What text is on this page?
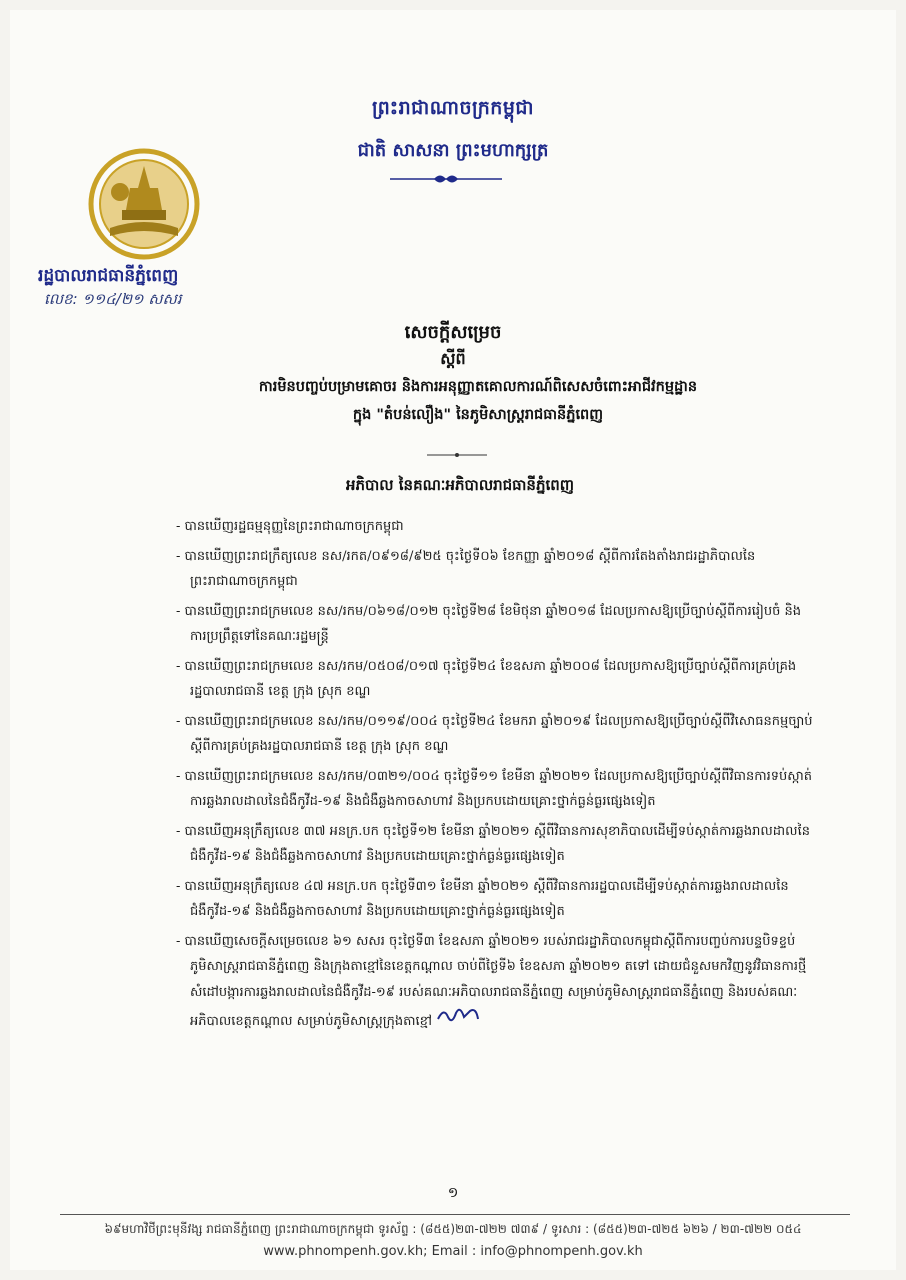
ព្រះរាជាណាចក្រកម្ពុជា
ជាតិ សាសនា ព្រះមហាក្សត្រ
រដ្ឋបាលរាជធានីភ្នំពេញ
លេខ: ១១៤/២១ សសរ
សេចក្ដីសម្រេច
ស្ដីពី
ការមិនបញ្ចប់បម្រាមគោចរ និងការអនុញ្ញាតគោលការណ៍ពិសេសចំពោះអាជីវកម្មដ្ឋាន
ក្នុង "តំបន់លឿង" នៃភូមិសាស្ត្ររាជធានីភ្នំពេញ
អភិបាល នៃគណៈអភិបាលរាជធានីភ្នំពេញ
- បានឃើញរដ្ឋធម្មនុញ្ញនៃព្រះរាជាណាចក្រកម្ពុជា
- បានឃើញព្រះរាជក្រឹត្យលេខ នស/រកត/០៩១៨/៩២៥ ចុះថ្ងៃទី០៦ ខែកញ្ញា ឆ្នាំ២០១៨ ស្ដីពីការតែងតាំងរាជរដ្ឋាភិបាលនៃព្រះរាជាណាចក្រកម្ពុជា
- បានឃើញព្រះរាជក្រមលេខ នស/រកម/០៦១៨/០១២ ចុះថ្ងៃទី២៨ ខែមិថុនា ឆ្នាំ២០១៨ ដែលប្រកាសឱ្យប្រើច្បាប់ស្ដីពីការរៀបចំ និងការប្រព្រឹត្តទៅនៃគណៈរដ្ឋមន្ត្រី
- បានឃើញព្រះរាជក្រមលេខ នស/រកម/០៥០៨/០១៧ ចុះថ្ងៃទី២៤ ខែឧសភា ឆ្នាំ២០០៨ ដែលប្រកាសឱ្យប្រើច្បាប់ស្ដីពីការគ្រប់គ្រងរដ្ឋបាលរាជធានី ខេត្ត ក្រុង ស្រុក ខណ្ឌ
- បានឃើញព្រះរាជក្រមលេខ នស/រកម/០១១៩/០០៤ ចុះថ្ងៃទី២៤ ខែមករា ឆ្នាំ២០១៩ ដែលប្រកាសឱ្យប្រើច្បាប់ស្ដីពីវិសោធនកម្មច្បាប់ស្ដីពីការគ្រប់គ្រងរដ្ឋបាលរាជធានី ខេត្ត ក្រុង ស្រុក ខណ្ឌ
- បានឃើញព្រះរាជក្រមលេខ នស/រកម/០៣២១/០០៤ ចុះថ្ងៃទី១១ ខែមីនា ឆ្នាំ២០២១ ដែលប្រកាសឱ្យប្រើច្បាប់ស្ដីពីវិធានការទប់ស្កាត់ការឆ្លងរាលដាលនៃជំងឺកូវីដ-១៩ និងជំងឺឆ្លងកាចសាហាវ និងប្រកបដោយគ្រោះថ្នាក់ធ្ងន់ធ្ងរផ្សេងទៀត
- បានឃើញអនុក្រឹត្យលេខ ៣៧ អនក្រ.បក ចុះថ្ងៃទី១២ ខែមីនា ឆ្នាំ២០២១ ស្ដីពីវិធានការសុខាភិបាលដើម្បីទប់ស្កាត់ការឆ្លងរាលដាលនៃជំងឺកូវីដ-១៩ និងជំងឺឆ្លងកាចសាហាវ និងប្រកបដោយគ្រោះថ្នាក់ធ្ងន់ធ្ងរផ្សេងទៀត
- បានឃើញអនុក្រឹត្យលេខ ៤៧ អនក្រ.បក ចុះថ្ងៃទី៣១ ខែមីនា ឆ្នាំ២០២១ ស្ដីពីវិធានការរដ្ឋបាលដើម្បីទប់ស្កាត់ការឆ្លងរាលដាលនៃជំងឺកូវីដ-១៩ និងជំងឺឆ្លងកាចសាហាវ និងប្រកបដោយគ្រោះថ្នាក់ធ្ងន់ធ្ងរផ្សេងទៀត
- បានឃើញសេចក្ដីសម្រេចលេខ ៦១ សសរ ចុះថ្ងៃទី៣ ខែឧសភា ឆ្នាំ២០២១ របស់រាជរដ្ឋាភិបាលកម្ពុជាស្ដីពីការបញ្ចប់ការបន្ទបិទខ្ទប់ភូមិសាស្ត្ររាជធានីភ្នំពេញ និងក្រុងតាខ្មៅនៃខេត្តកណ្ដាល ចាប់ពីថ្ងៃទី៦ ខែឧសភា ឆ្នាំ២០២១ តទៅ ដោយជំនួសមកវិញនូវវិធានការថ្មី សំដៅបង្ការការឆ្លងរាលដាលនៃជំងឺកូវីដ-១៩ របស់គណៈអភិបាលរាជធានីភ្នំពេញ សម្រាប់ភូមិសាស្ត្ររាជធានីភ្នំពេញ និងរបស់គណៈអភិបាលខេត្តកណ្ដាល សម្រាប់ភូមិសាស្ត្រក្រុងតាខ្មៅ
១
៦៩មហាវិថីព្រះមុនីវង្ស រាជធានីភ្នំពេញ ព្រះរាជាណាចក្រកម្ពុជា ទូរស័ព្ទ : (៨៥៥)២៣-៧២២ ៧៣៩ / ទូរសារ : (៨៥៥)២៣-៧២៥ ៦២៦ / ២៣-៧២២ ០៥៤
www.phnompenh.gov.kh; Email : info@phnompenh.gov.kh
